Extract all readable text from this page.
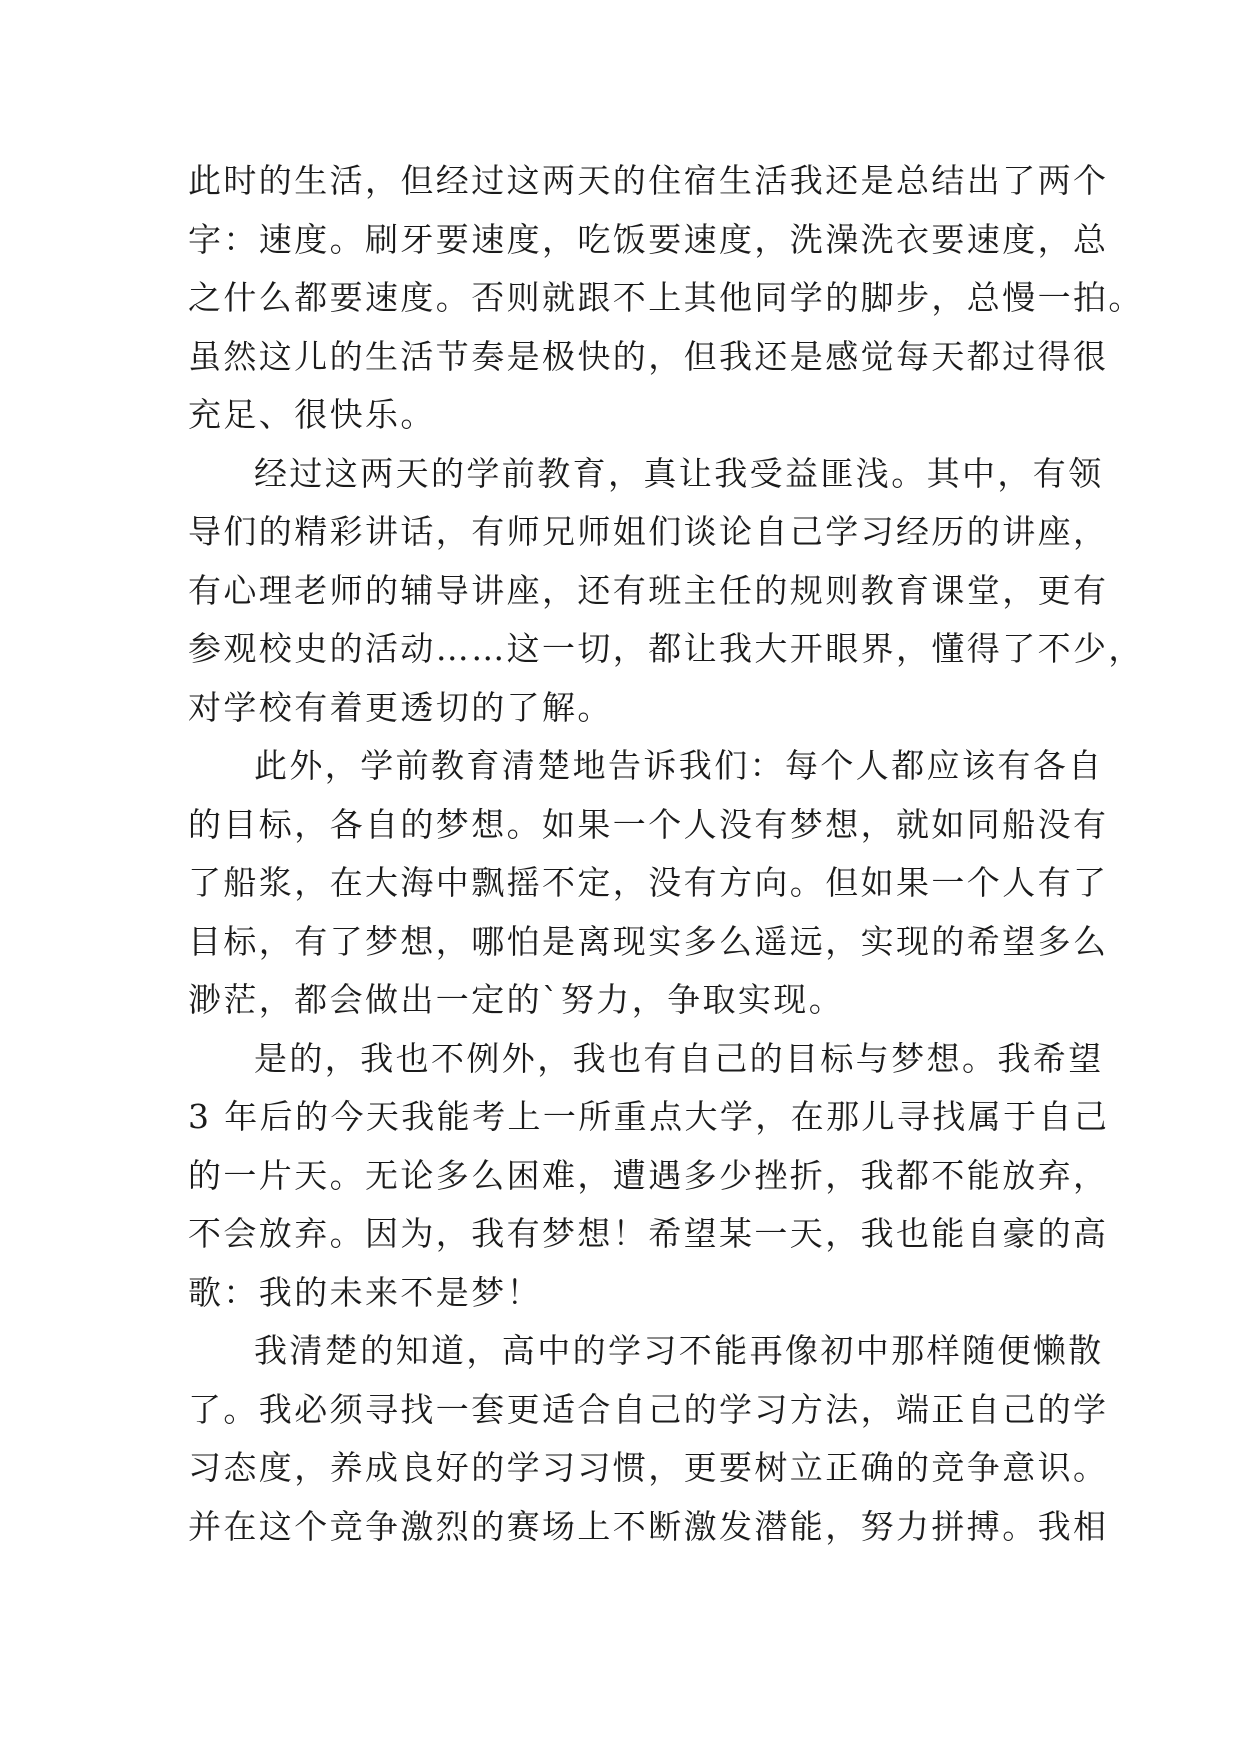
此时的生活，但经过这两天的住宿生活我还是总结出了两个
字：速度。刷牙要速度，吃饭要速度，洗澡洗衣要速度，总
之什么都要速度。否则就跟不上其他同学的脚步，总慢一拍。
虽然这儿的生活节奏是极快的，但我还是感觉每天都过得很
充足、很快乐。
经过这两天的学前教育，真让我受益匪浅。其中，有领
导们的精彩讲话，有师兄师姐们谈论自己学习经历的讲座，
有心理老师的辅导讲座，还有班主任的规则教育课堂，更有
参观校史的活动……这一切，都让我大开眼界，懂得了不少，
对学校有着更透切的了解。
此外，学前教育清楚地告诉我们：每个人都应该有各自
的目标，各自的梦想。如果一个人没有梦想，就如同船没有
了船浆，在大海中飘摇不定，没有方向。但如果一个人有了
目标，有了梦想，哪怕是离现实多么遥远，实现的希望多么
渺茫，都会做出一定的`努力，争取实现。
是的，我也不例外，我也有自己的目标与梦想。我希望
3 年后的今天我能考上一所重点大学，在那儿寻找属于自己
的一片天。无论多么困难，遭遇多少挫折，我都不能放弃，
不会放弃。因为，我有梦想！希望某一天，我也能自豪的高
歌：我的未来不是梦！
我清楚的知道，高中的学习不能再像初中那样随便懒散
了。我必须寻找一套更适合自己的学习方法，端正自己的学
习态度，养成良好的学习习惯，更要树立正确的竞争意识。
并在这个竞争激烈的赛场上不断激发潜能，努力拼搏。我相
